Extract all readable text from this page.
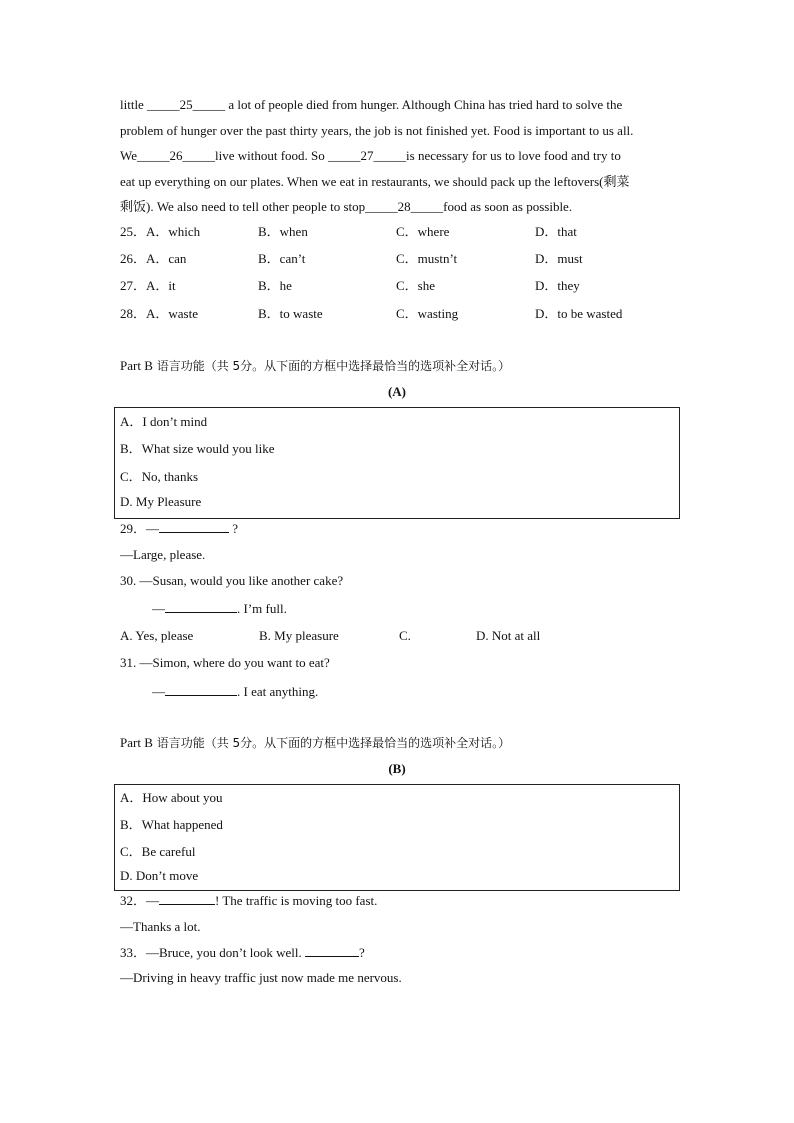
little _____25_____ a lot of people died from hunger. Although China has tried hard to solve the
problem of hunger over the past thirty years, the job is not finished yet. Food is important to us all.
We_____26_____live without food. So _____27_____is necessary for us to love food and try to
eat up everything on our plates. When we eat in restaurants, we should pack up the leftovers(剩菜
剩饭). We also need to tell other people to stop_____28_____food as soon as possible.
25．A．which	B．when	C．where	D．that
26．A．can	B．can’t	C．mustn’t	D．must
27．A．it	B．he	C．she	D．they
28．A．waste	B．to waste	C．wasting	D．to be wasted
Part B 语言功能（共 5分。从下面的方框中选择最恰当的选项补全对话。）
(A)
A．I don’t mind
B．What size would you like
C．No, thanks
D. My Pleasure
29．—	?
—Large, please.
30. —Susan, would you like another cake?
—	. I’m full.
A. Yes, please	B. My pleasure	C.	D. Not at all
31. —Simon, where do you want to eat?
—	. I eat anything.
Part B 语言功能（共 5分。从下面的方框中选择最恰当的选项补全对话。）
(B)
A．How about you
B．What happened
C．Be careful
D. Don’t move
32．—	! The traffic is moving too fast.
—Thanks a lot.
33．—Bruce, you don’t look well.	?
—Driving in heavy traffic just now made me nervous.
